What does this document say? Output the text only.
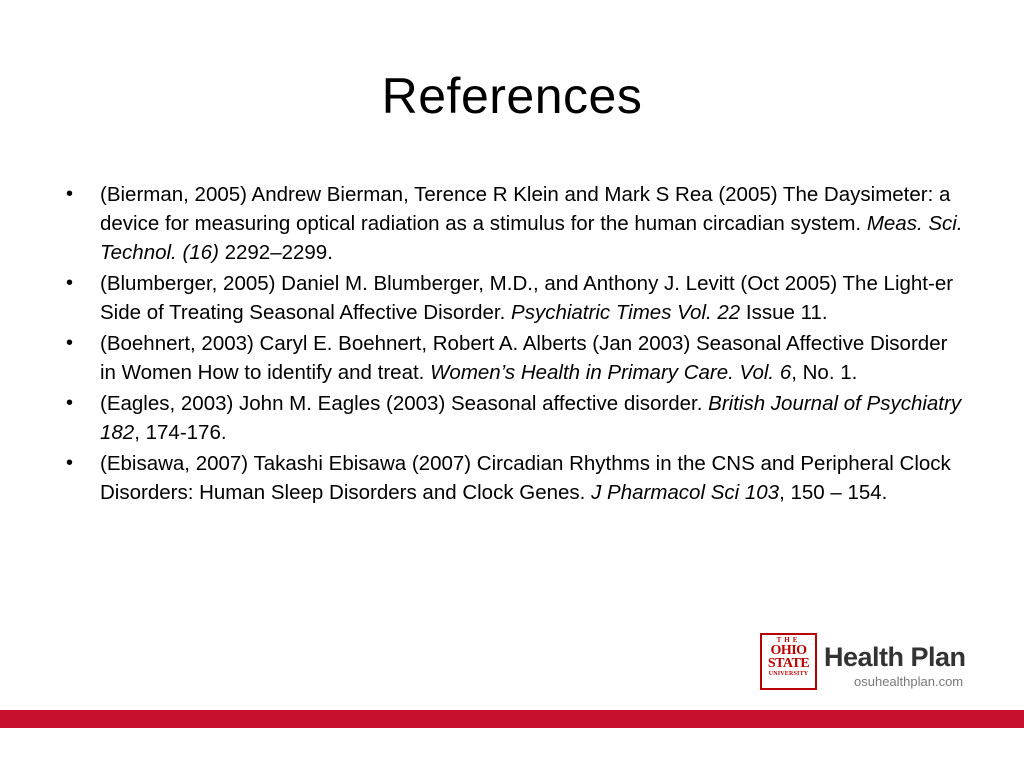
References
• (Bierman, 2005) Andrew Bierman, Terence R Klein and Mark S Rea (2005) The Daysimeter: a device for measuring optical radiation as a stimulus for the human circadian system. Meas. Sci. Technol. (16) 2292–2299.
• (Blumberger, 2005) Daniel M. Blumberger, M.D., and Anthony J. Levitt (Oct 2005) The Light-er Side of Treating Seasonal Affective Disorder. Psychiatric Times Vol. 22 Issue 11.
• (Boehnert, 2003) Caryl E. Boehnert, Robert A. Alberts (Jan 2003) Seasonal Affective Disorder in Women How to identify and treat. Women’s Health in Primary Care. Vol. 6, No. 1.
• (Eagles, 2003) John M. Eagles (2003) Seasonal affective disorder. British Journal of Psychiatry 182, 174-176.
• (Ebisawa, 2007) Takashi Ebisawa (2007) Circadian Rhythms in the CNS and Peripheral Clock Disorders: Human Sleep Disorders and Clock Genes. J Pharmacol Sci 103, 150 – 154.
THE
OHIO
STATE
UNIVERSITY
Health Plan
osuhealthplan.com
